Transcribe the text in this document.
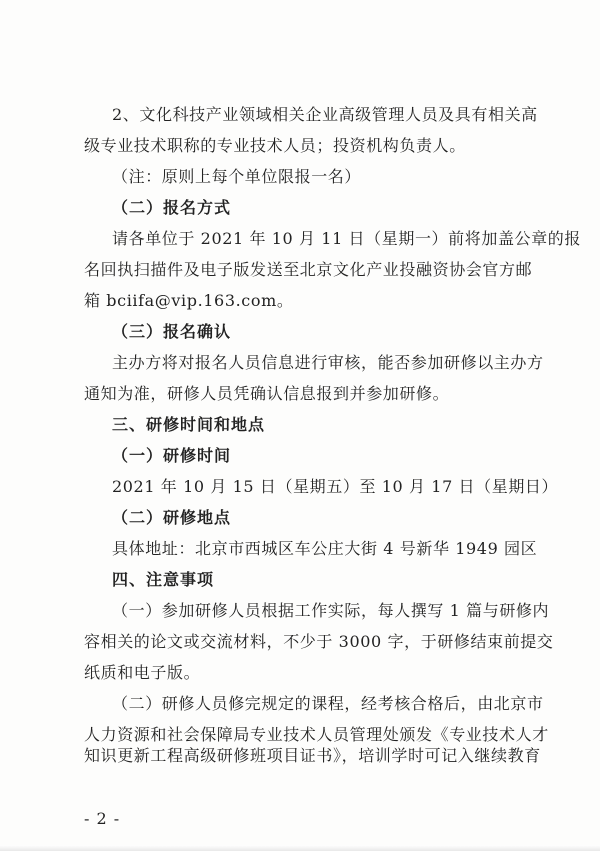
2、文化科技产业领域相关企业高级管理人员及具有相关高
级专业技术职称的专业技术人员；投资机构负责人。
（注：原则上每个单位限报一名）
（二）报名方式
请各单位于 2021 年 10 月 11 日（星期一）前将加盖公章的报
名回执扫描件及电子版发送至北京文化产业投融资协会官方邮
箱 bciifa@vip.163.com。
（三）报名确认
主办方将对报名人员信息进行审核，能否参加研修以主办方
通知为准，研修人员凭确认信息报到并参加研修。
三、研修时间和地点
（一）研修时间
2021 年 10 月 15 日（星期五）至 10 月 17 日（星期日）
（二）研修地点
具体地址：北京市西城区车公庄大街 4 号新华 1949 园区
四、注意事项
（一）参加研修人员根据工作实际，每人撰写 1 篇与研修内
容相关的论文或交流材料，不少于 3000 字，于研修结束前提交
纸质和电子版。
（二）研修人员修完规定的课程，经考核合格后，由北京市
人力资源和社会保障局专业技术人员管理处颁发《专业技术人才
知识更新工程高级研修班项目证书》，培训学时可记入继续教育
- 2 -
